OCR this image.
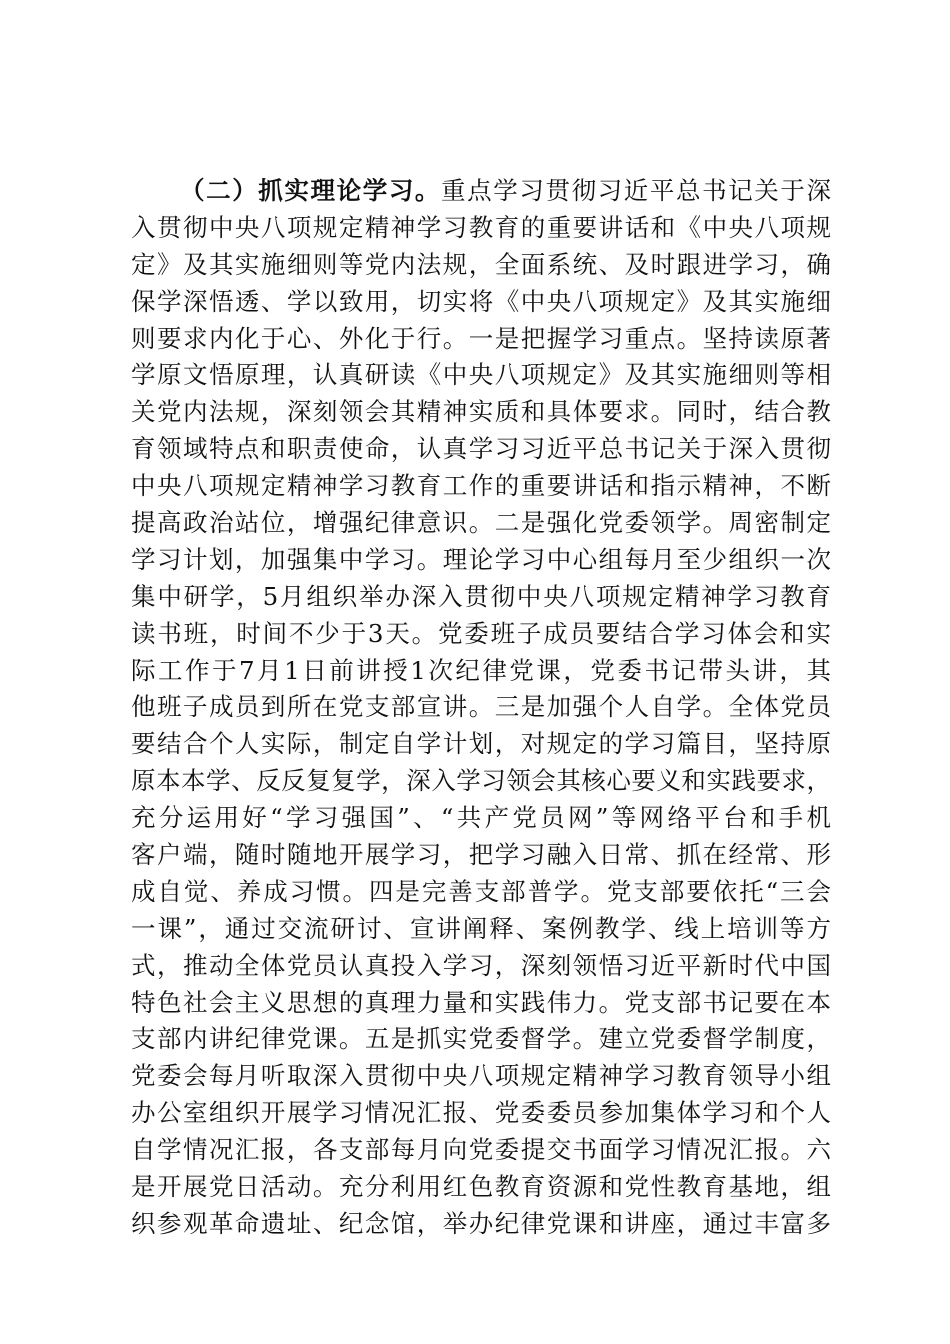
（二）抓实理论学习。重点学习贯彻习近平总书记关于深
入贯彻中央八项规定精神学习教育的重要讲话和《中央八项规
定》及其实施细则等党内法规，全面系统、及时跟进学习，确
保学深悟透、学以致用，切实将《中央八项规定》及其实施细
则要求内化于心、外化于行。一是把握学习重点。坚持读原著
学原文悟原理，认真研读《中央八项规定》及其实施细则等相
关党内法规，深刻领会其精神实质和具体要求。同时，结合教
育领域特点和职责使命，认真学习习近平总书记关于深入贯彻
中央八项规定精神学习教育工作的重要讲话和指示精神，不断
提高政治站位，增强纪律意识。二是强化党委领学。周密制定
学习计划，加强集中学习。理论学习中心组每月至少组织一次
集中研学，5月组织举办深入贯彻中央八项规定精神学习教育
读书班，时间不少于3天。党委班子成员要结合学习体会和实
际工作于7月1日前讲授1次纪律党课，党委书记带头讲，其
他班子成员到所在党支部宣讲。三是加强个人自学。全体党员
要结合个人实际，制定自学计划，对规定的学习篇目，坚持原
原本本学、反反复复学，深入学习领会其核心要义和实践要求，
充分运用好“学习强国”、“共产党员网”等网络平台和手机
客户端，随时随地开展学习，把学习融入日常、抓在经常、形
成自觉、养成习惯。四是完善支部普学。党支部要依托“三会
一课”，通过交流研讨、宣讲阐释、案例教学、线上培训等方
式，推动全体党员认真投入学习，深刻领悟习近平新时代中国
特色社会主义思想的真理力量和实践伟力。党支部书记要在本
支部内讲纪律党课。五是抓实党委督学。建立党委督学制度，
党委会每月听取深入贯彻中央八项规定精神学习教育领导小组
办公室组织开展学习情况汇报、党委委员参加集体学习和个人
自学情况汇报，各支部每月向党委提交书面学习情况汇报。六
是开展党日活动。充分利用红色教育资源和党性教育基地，组
织参观革命遗址、纪念馆，举办纪律党课和讲座，通过丰富多
